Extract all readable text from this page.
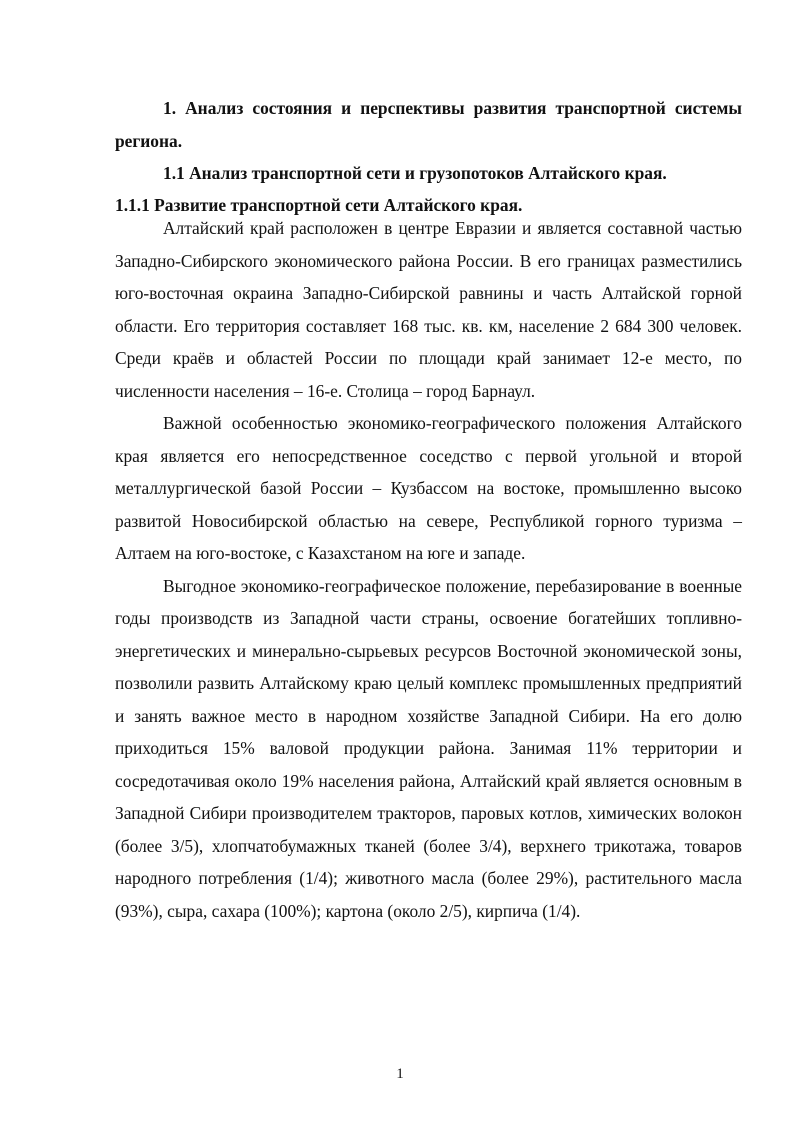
1. Анализ состояния и перспективы развития транспортной системы региона.

1.1 Анализ транспортной сети и грузопотоков Алтайского края.

1.1.1 Развитие транспортной сети Алтайского края.

Алтайский край расположен в центре Евразии и является составной частью Западно-Сибирского экономического района России. В его границах разместились юго-восточная окраина Западно-Сибирской равнины и часть Алтайской горной области. Его территория составляет 168 тыс. кв. км, население 2 684 300 человек. Среди краёв и областей России по площади край занимает 12-е место, по численности населения – 16-е. Столица – город Барнаул.

Важной особенностью экономико-географического положения Алтайского края является его непосредственное соседство с первой угольной и второй металлургической базой России – Кузбассом на востоке, промышленно высоко развитой Новосибирской областью на севере, Республикой горного туризма – Алтаем на юго-востоке, с Казахстаном на юге и западе.

Выгодное экономико-географическое положение, перебазирование в военные годы производств из Западной части страны, освоение богатейших топливно-энергетических и минерально-сырьевых ресурсов Восточной экономической зоны, позволили развить Алтайскому краю целый комплекс промышленных предприятий и занять важное место в народном хозяйстве Западной Сибири. На его долю приходиться 15% валовой продукции района. Занимая 11% территории и сосредотачивая около 19% населения района, Алтайский край является основным в Западной Сибири производителем тракторов, паровых котлов, химических волокон (более 3/5), хлопчатобумажных тканей (более 3/4), верхнего трикотажа, товаров народного потребления (1/4); животного масла (более 29%), растительного масла (93%), сыра, сахара (100%); картона (около 2/5), кирпича (1/4).

1
